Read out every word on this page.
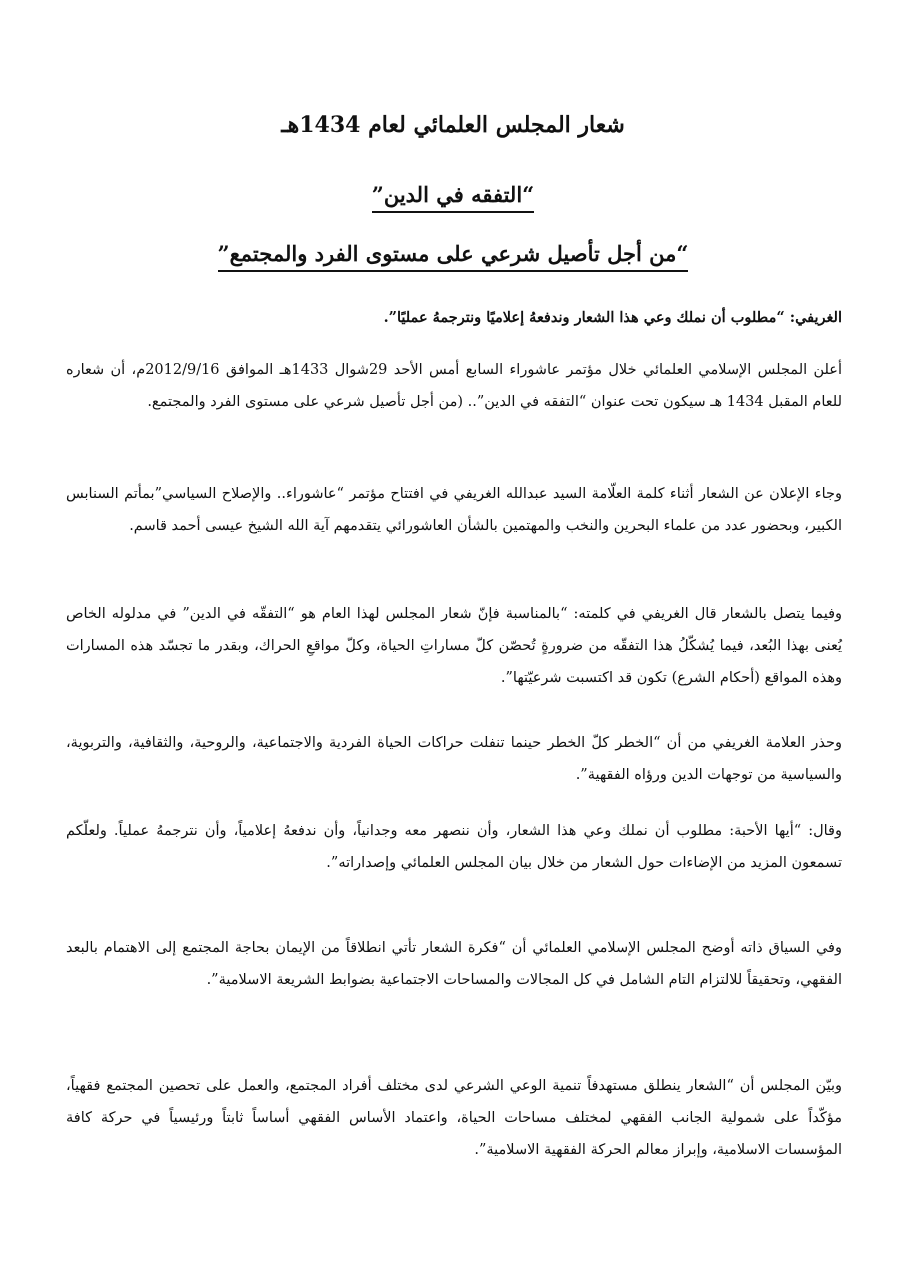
شعار المجلس العلمائي لعام 1434هـ
“التفقه في الدين”
“من أجل تأصيل شرعي على مستوى الفرد والمجتمع”

الغريفي: “مطلوب أن نملك وعي هذا الشعار وندفعهُ إعلاميًا ونترجمهُ عمليًا”.

أعلن المجلس الإسلامي العلمائي خلال مؤتمر عاشوراء السابع أمس الأحد 29شوال 1433هـ الموافق 2012/9/16م، أن شعاره للعام المقبل 1434 هـ سيكون تحت عنوان “التفقه في الدين”.. (من أجل تأصيل شرعي على مستوى الفرد والمجتمع.

وجاء الإعلان عن الشعار أثناء كلمة العلّامة السيد عبدالله الغريفي في افتتاح مؤتمر “عاشوراء.. والإصلاح السياسي”بمأتم السنابس الكبير، وبحضور عدد من علماء البحرين والنخب والمهتمين بالشأن العاشورائي يتقدمهم آية الله الشيخ عيسى أحمد قاسم.

وفيما يتصل بالشعار قال الغريفي في كلمته: “بالمناسبة فإنّ شعار المجلس لهذا العام هو “التفقّه في الدين” في مدلوله الخاص يُعنى بهذا البُعد، فيما يُشكّلُ هذا التفقّه من ضرورةٍ تُحصّن كلّ مساراتِ الحياة، وكلّ مواقعِ الحراك، وبقدر ما تجسّد هذه المسارات وهذه المواقع (أحكام الشرع) تكون قد اكتسبت شرعيّتها”.

وحذر العلامة الغريفي من أن “الخطر كلّ الخطر حينما تنفلت حراكات الحياة الفردية والاجتماعية، والروحية، والثقافية، والتربوية، والسياسية من توجهات الدين ورؤاه الفقهية”.

وقال: “أيها الأحبة: مطلوب أن نملك وعي هذا الشعار، وأن ننصهر معه وجدانياً، وأن ندفعهُ إعلامياً، وأن نترجمهُ عملياً. ولعلّكم تسمعون المزيد من الإضاءات حول الشعار من خلال بيان المجلس العلمائي وإصداراته”.

وفي السياق ذاته أوضح المجلس الإسلامي العلمائي أن “فكرة الشعار تأتي انطلاقاً من الإيمان بحاجة المجتمع إلى الاهتمام بالبعد الفقهي، وتحقيقاً للالتزام التام الشامل في كل المجالات والمساحات الاجتماعية بضوابط الشريعة الاسلامية”.

وبيّن المجلس أن “الشعار ينطلق مستهدفاً تنمية الوعي الشرعي لدى مختلف أفراد المجتمع، والعمل على تحصين المجتمع فقهياً، مؤكّداً على شمولية الجانب الفقهي لمختلف مساحات الحياة، واعتماد الأساس الفقهي أساساً ثابتاً ورئيسياً في حركة كافة المؤسسات الاسلامية، وإبراز معالم الحركة الفقهية الاسلامية”.
